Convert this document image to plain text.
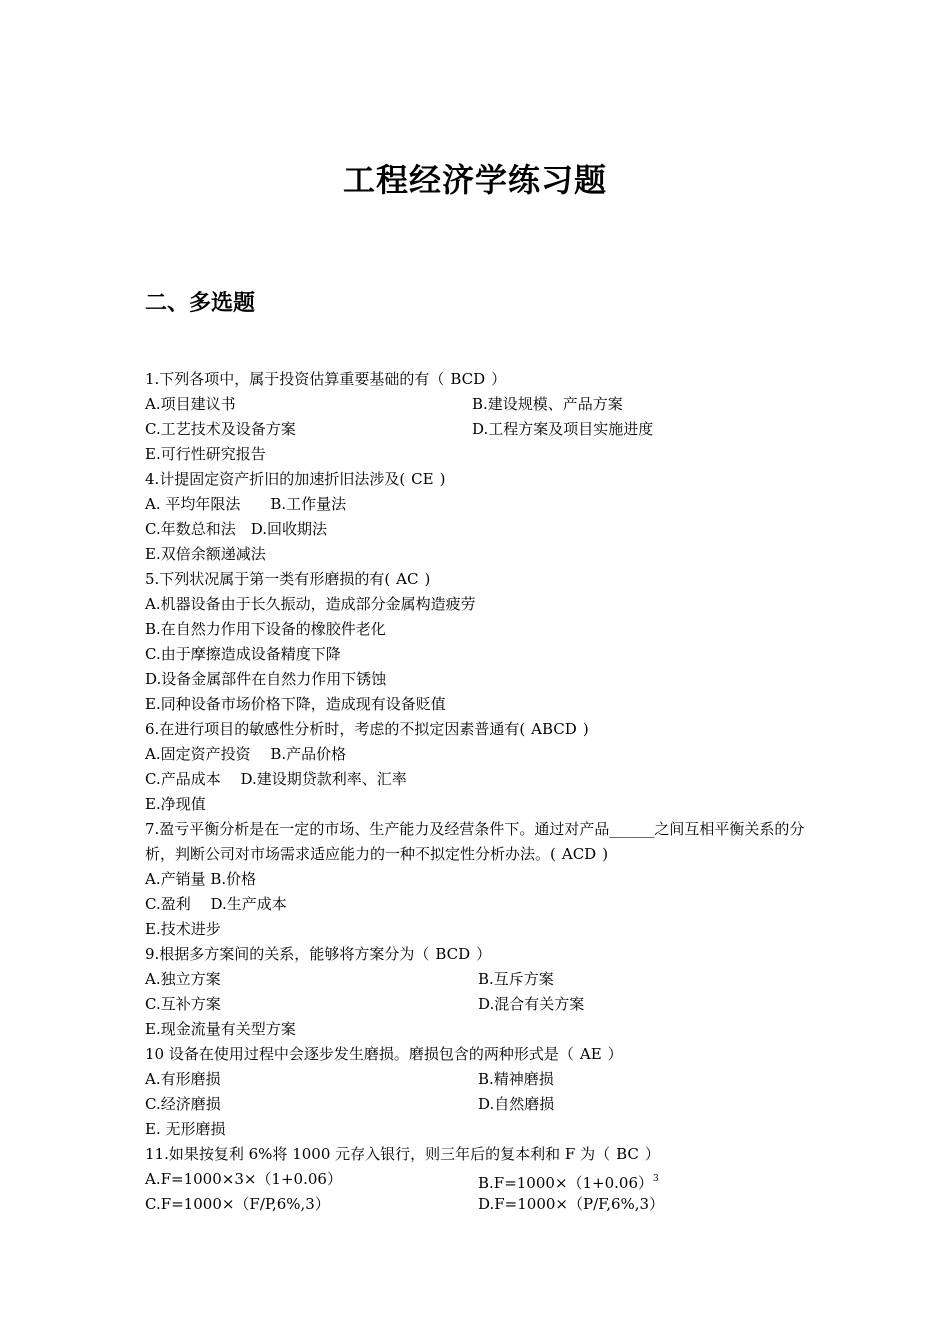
工程经济学练习题
二、多选题
1.下列各项中，属于投资估算重要基础的有（ BCD ）
A.项目建议书	B.建设规模、产品方案
C.工艺技术及设备方案	D.工程方案及项目实施进度
E.可行性研究报告
4.计提固定资产折旧的加速折旧法涉及( CE )
A. 平均年限法　　B.工作量法
C.年数总和法　D.回收期法
E.双倍余额递减法
5.下列状况属于第一类有形磨损的有( AC )
A.机器设备由于长久振动，造成部分金属构造疲劳
B.在自然力作用下设备的橡胶件老化
C.由于摩擦造成设备精度下降
D.设备金属部件在自然力作用下锈蚀
E.同种设备市场价格下降，造成现有设备贬值
6.在进行项目的敏感性分析时，考虑的不拟定因素普通有( ABCD )
A.固定资产投资　 B.产品价格
C.产品成本　 D.建设期贷款利率、汇率
E.净现值
7.盈亏平衡分析是在一定的市场、生产能力及经营条件下。通过对产品______之间互相平衡关系的分析，判断公司对市场需求适应能力的一种不拟定性分析办法。( ACD )
A.产销量 B.价格
C.盈利　 D.生产成本
E.技术进步
9.根据多方案间的关系，能够将方案分为（ BCD ）
A.独立方案	B.互斥方案
C.互补方案	D.混合有关方案
E.现金流量有关型方案
10 设备在使用过程中会逐步发生磨损。磨损包含的两种形式是（ AE ）
A.有形磨损	B.精神磨损
C.经济磨损	D.自然磨损
E. 无形磨损
11.如果按复利 6%将 1000 元存入银行，则三年后的复本利和 F 为（ BC ）
A.F=1000×3×（1+0.06）	$B.F=1000\times(1+0.06)^3$
C.F=1000×（F/P,6%,3）	D.F=1000×（P/F,6%,3）
